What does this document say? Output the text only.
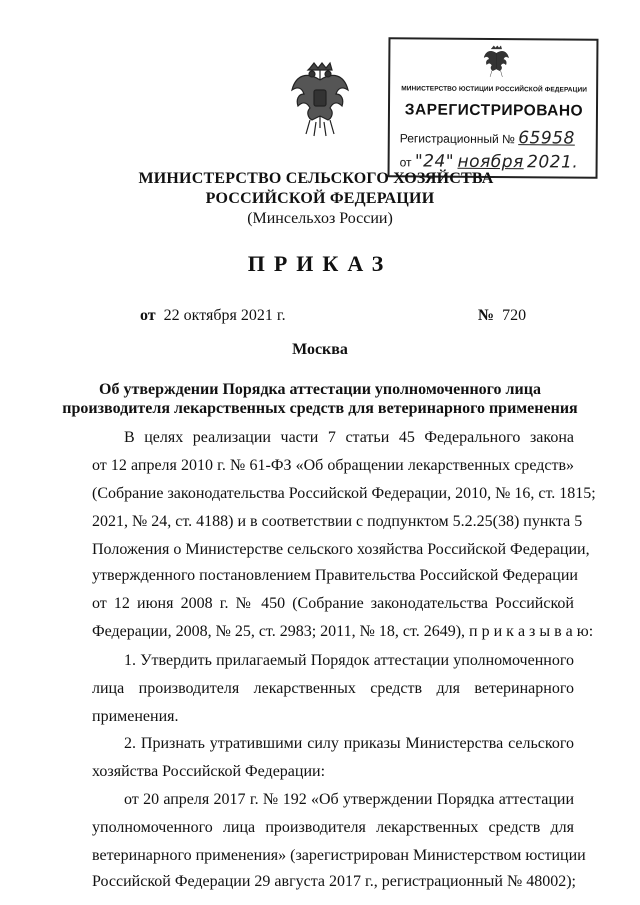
МИНИСТЕРСТВО ЮСТИЦИИ РОССИЙСКОЙ ФЕДЕРАЦИИ
ЗАРЕГИСТРИРОВАНО
Регистрационный № 65958
от "24" ноября 2021.
МИНИСТЕРСТВО СЕЛЬСКОГО ХОЗЯЙСТВА
РОССИЙСКОЙ ФЕДЕРАЦИИ
(Минсельхоз России)
ПРИКАЗ
от 22 октября 2021 г.	№ 720
Москва
Об утверждении Порядка аттестации уполномоченного лица
производителя лекарственных средств для ветеринарного применения
В целях реализации части 7 статьи 45 Федерального закона
от 12 апреля 2010 г. № 61-ФЗ «Об обращении лекарственных средств»
(Собрание законодательства Российской Федерации, 2010, № 16, ст. 1815;
2021, № 24, ст. 4188) и в соответствии с подпунктом 5.2.25(38) пункта 5
Положения о Министерстве сельского хозяйства Российской Федерации,
утвержденного постановлением Правительства Российской Федерации
от 12 июня 2008 г. № 450 (Собрание законодательства Российской
Федерации, 2008, № 25, ст. 2983; 2011, № 18, ст. 2649), п р и к а з ы в а ю:
1. Утвердить прилагаемый Порядок аттестации уполномоченного
лица производителя лекарственных средств для ветеринарного
применения.
2. Признать утратившими силу приказы Министерства сельского
хозяйства Российской Федерации:
от 20 апреля 2017 г. № 192 «Об утверждении Порядка аттестации
уполномоченного лица производителя лекарственных средств для
ветеринарного применения» (зарегистрирован Министерством юстиции
Российской Федерации 29 августа 2017 г., регистрационный № 48002);
